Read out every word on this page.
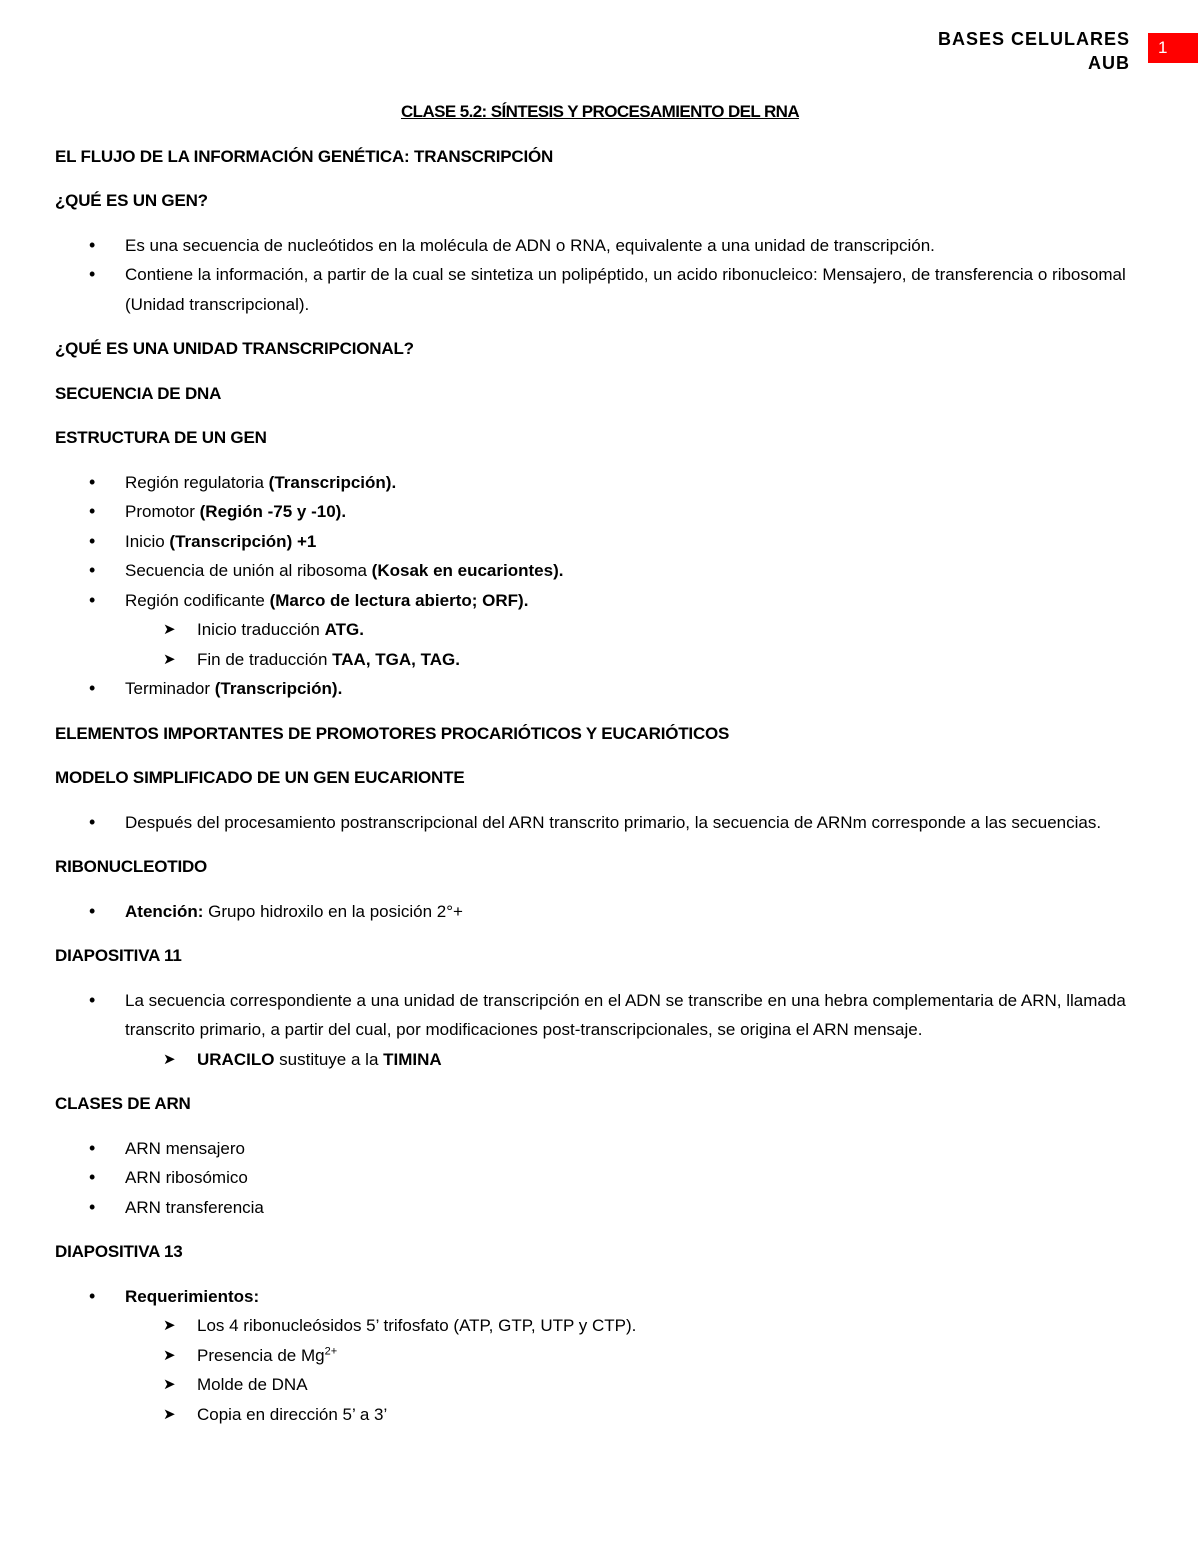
BASES CELULARES
AUB
1
CLASE 5.2: SÍNTESIS Y PROCESAMIENTO DEL RNA
EL FLUJO DE LA INFORMACIÓN GENÉTICA: TRANSCRIPCIÓN
¿QUÉ ES UN GEN?
• Es una secuencia de nucleótidos en la molécula de ADN o RNA, equivalente a una unidad de transcripción.
• Contiene la información, a partir de la cual se sintetiza un polipéptido, un acido ribonucleico: Mensajero, de transferencia o ribosomal (Unidad transcripcional).
¿QUÉ ES UNA UNIDAD TRANSCRIPCIONAL?
SECUENCIA DE DNA
ESTRUCTURA DE UN GEN
• Región regulatoria (Transcripción).
• Promotor (Región -75 y -10).
• Inicio (Transcripción) +1
• Secuencia de unión al ribosoma (Kosak en eucariontes).
• Región codificante (Marco de lectura abierto; ORF).
➤ Inicio traducción ATG.
➤ Fin de traducción TAA, TGA, TAG.
• Terminador (Transcripción).
ELEMENTOS IMPORTANTES DE PROMOTORES PROCARIÓTICOS Y EUCARIÓTICOS
MODELO SIMPLIFICADO DE UN GEN EUCARIONTE
• Después del procesamiento postranscripcional del ARN transcrito primario, la secuencia de ARNm corresponde a las secuencias.
RIBONUCLEOTIDO
• Atención: Grupo hidroxilo en la posición 2°+
DIAPOSITIVA 11
• La secuencia correspondiente a una unidad de transcripción en el ADN se transcribe en una hebra complementaria de ARN, llamada transcrito primario, a partir del cual, por modificaciones post-transcripcionales, se origina el ARN mensaje.
➤ URACILO sustituye a la TIMINA
CLASES DE ARN
• ARN mensajero
• ARN ribosómico
• ARN transferencia
DIAPOSITIVA 13
• Requerimientos:
➤ Los 4 ribonucleósidos 5’ trifosfato (ATP, GTP, UTP y CTP).
➤ Presencia de $Mg^{2+}$
➤ Molde de DNA
➤ Copia en dirección 5’ a 3’
